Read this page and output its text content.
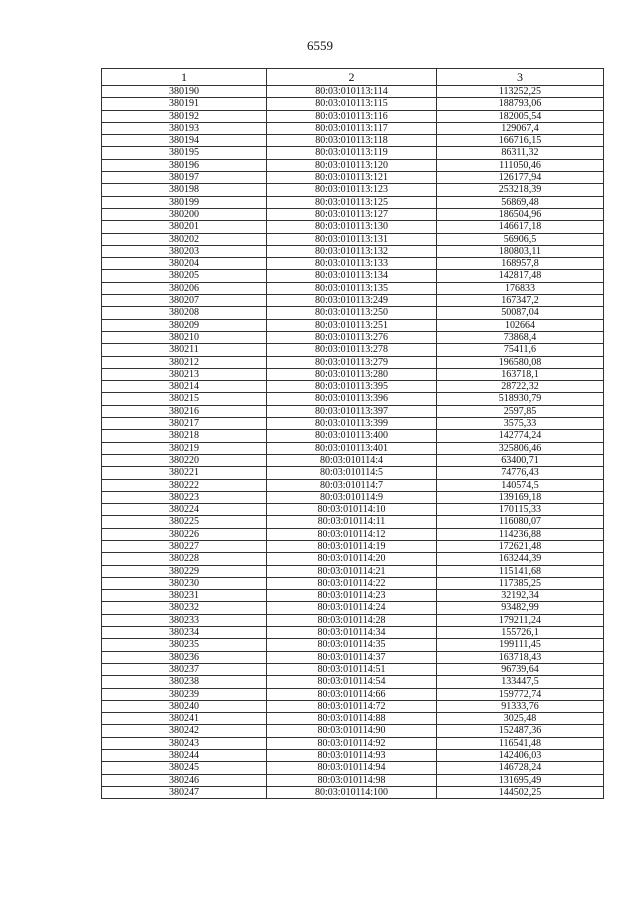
6559
1	2	3
380190	80:03:010113:114	113252,25
380191	80:03:010113:115	188793,06
380192	80:03:010113:116	182005,54
380193	80:03:010113:117	129067,4
380194	80:03:010113:118	166716,15
380195	80:03:010113:119	86311,32
380196	80:03:010113:120	111050,46
380197	80:03:010113:121	126177,94
380198	80:03:010113:123	253218,39
380199	80:03:010113:125	56869,48
380200	80:03:010113:127	186504,96
380201	80:03:010113:130	146617,18
380202	80:03:010113:131	56906,5
380203	80:03:010113:132	180803,11
380204	80:03:010113:133	168957,8
380205	80:03:010113:134	142817,48
380206	80:03:010113:135	176833
380207	80:03:010113:249	167347,2
380208	80:03:010113:250	50087,04
380209	80:03:010113:251	102664
380210	80:03:010113:276	73868,4
380211	80:03:010113:278	75411,6
380212	80:03:010113:279	196580,08
380213	80:03:010113:280	163718,1
380214	80:03:010113:395	28722,32
380215	80:03:010113:396	518930,79
380216	80:03:010113:397	2597,85
380217	80:03:010113:399	3575,33
380218	80:03:010113:400	142774,24
380219	80:03:010113:401	325806,46
380220	80:03:010114:4	63400,71
380221	80:03:010114:5	74776,43
380222	80:03:010114:7	140574,5
380223	80:03:010114:9	139169,18
380224	80:03:010114:10	170115,33
380225	80:03:010114:11	116080,07
380226	80:03:010114:12	114236,88
380227	80:03:010114:19	172621,48
380228	80:03:010114:20	163244,39
380229	80:03:010114:21	115141,68
380230	80:03:010114:22	117385,25
380231	80:03:010114:23	32192,34
380232	80:03:010114:24	93482,99
380233	80:03:010114:28	179211,24
380234	80:03:010114:34	155726,1
380235	80:03:010114:35	199111,45
380236	80:03:010114:37	163718,43
380237	80:03:010114:51	96739,64
380238	80:03:010114:54	133447,5
380239	80:03:010114:66	159772,74
380240	80:03:010114:72	91333,76
380241	80:03:010114:88	3025,48
380242	80:03:010114:90	152487,36
380243	80:03:010114:92	116541,48
380244	80:03:010114:93	142406,03
380245	80:03:010114:94	146728,24
380246	80:03:010114:98	131695,49
380247	80:03:010114:100	144502,25
